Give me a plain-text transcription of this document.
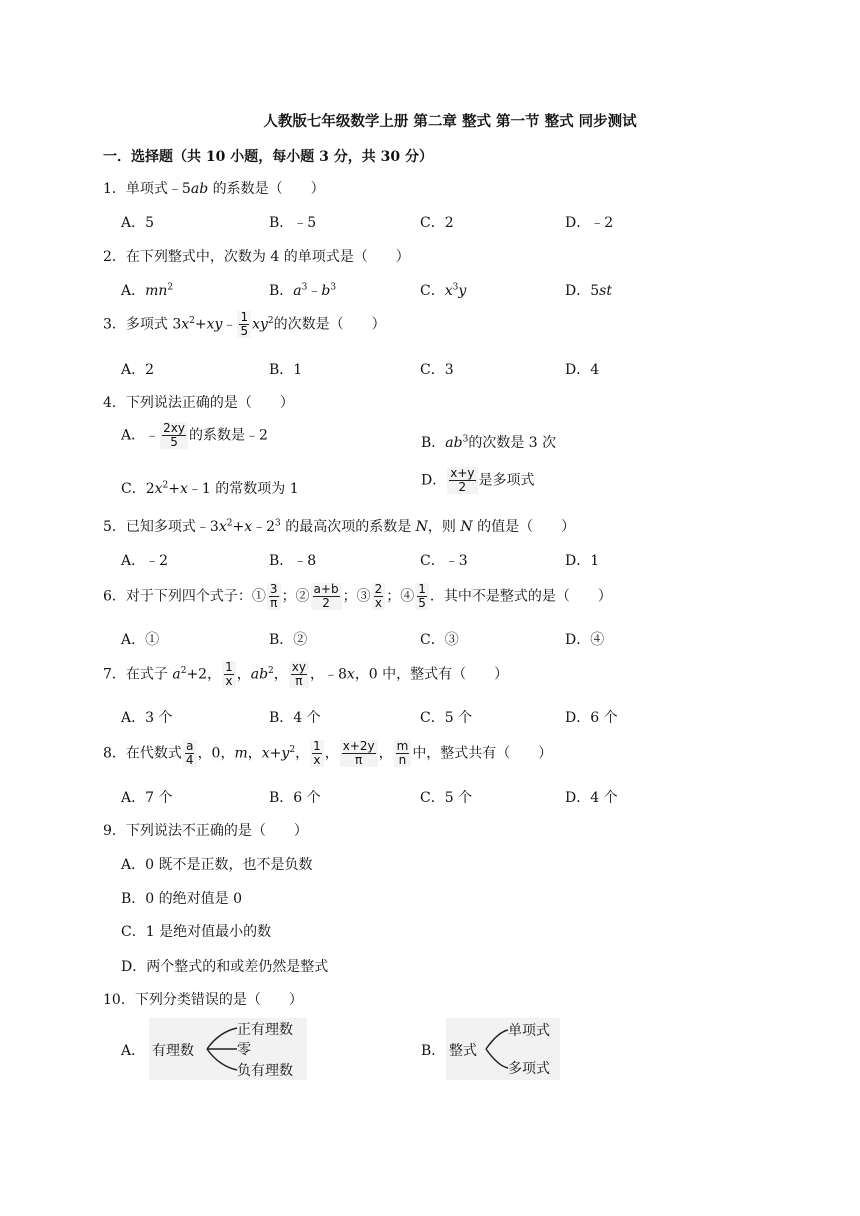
人教版七年级数学上册 第二章 整式 第一节 整式 同步测试
一．选择题（共 10 小题，每小题 3 分，共 30 分）
1．单项式﹣5ab 的系数是（　　）
A．5	B．﹣5	C．2	D．﹣2
2．在下列整式中，次数为 4 的单项式是（　　）
A．$mn^2$	B．$a^3﹣b^3$	C．$x^3y$	D．5st
3．多项式 $3x^2+xy﹣ \frac{1}{5} xy^2$的次数是（　　）
A．2	B．1	C．3	D．4
4．下列说法正确的是（　　）
A．﹣ $\frac{2xy}{5}$ 的系数是﹣2	B．$ab^3$的次数是 3 次
C．$2x^2+x﹣1$ 的常数项为 1
D． $\frac{x+y}{2}$ 是多项式
5．已知多项式$﹣3x^2+x﹣2^3$ 的最高次项的系数是 N，则 N 的值是（　　）
A．﹣2	B．﹣8	C．﹣3	D．1
6．对于下列四个式子：① $\frac{3}{\pi}$ ；② $\frac{a+b}{2}$ ；③ $\frac{2}{x}$ ；④ $\frac{1}{5}$ ．其中不是整式的是（　　）
A．①	B．②	C．③	D．④
7．在式子 $a^2+2$， $\frac{1}{x}$ ，$ab^2$， $\frac{xy}{\pi}$ ，﹣8x，0 中，整式有（　　）
A．3 个	B．4 个	C．5 个	D．6 个
8．在代数式 $\frac{a}{4}$ ，0，m，$x+y^2$， $\frac{1}{x}$ ， $\frac{x+2y}{\pi}$ ， $\frac{m}{n}$ 中，整式共有（　　）
A．7 个	B．6 个	C．5 个	D．4 个
9．下列说法不正确的是（　　）
A．0 既不是正数，也不是负数
B．0 的绝对值是 0
C．1 是绝对值最小的数
D．两个整式的和或差仍然是整式
10．下列分类错误的是（　　）
A． 有理数
正有理数
零
负有理数
B． 整式
单项式
多项式
